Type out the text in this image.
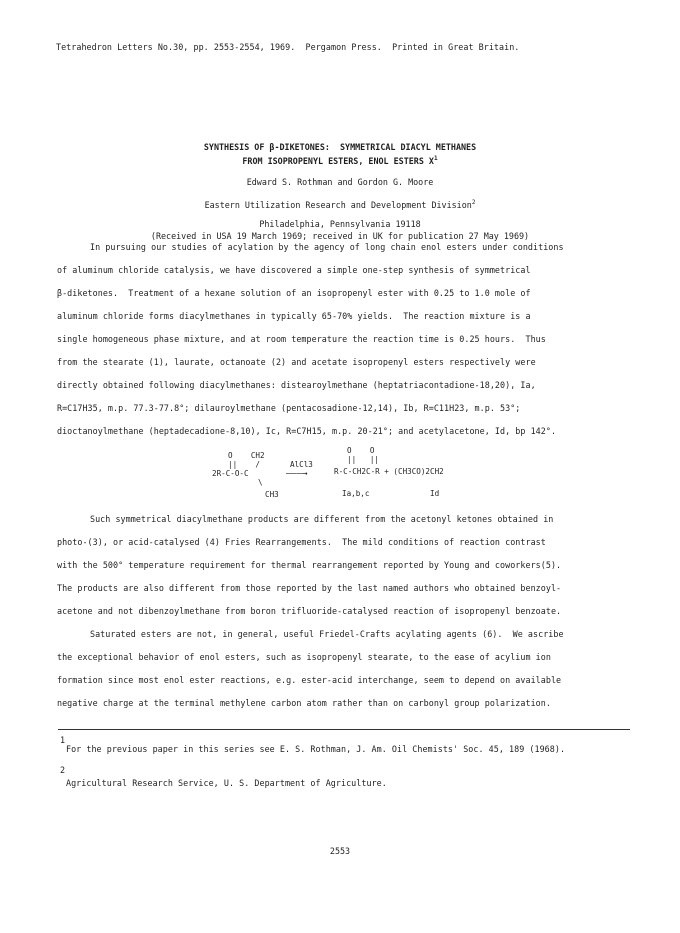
Tetrahedron Letters No.30, pp. 2553-2554, 1969.  Pergamon Press.  Printed in Great Britain.
SYNTHESIS OF β-DIKETONES:  SYMMETRICAL DIACYL METHANES
FROM ISOPROPENYL ESTERS, ENOL ESTERS $X^1$
Edward S. Rothman and Gordon G. Moore
Eastern Utilization Research and Development Division$^2$
Philadelphia, Pennsylvania 19118
(Received in USA 19 March 1969; received in UK for publication 27 May 1969)
In pursuing our studies of acylation by the agency of long chain enol esters under conditions
of aluminum chloride catalysis, we have discovered a simple one-step synthesis of symmetrical
β-diketones.  Treatment of a hexane solution of an isopropenyl ester with 0.25 to 1.0 mole of
aluminum chloride forms diacylmethanes in typically 65-70% yields.  The reaction mixture is a
single homogeneous phase mixture, and at room temperature the reaction time is 0.25 hours.  Thus
from the stearate (1), laurate, octanoate (2) and acetate isopropenyl esters respectively were
directly obtained following diacylmethanes: distearoylmethane (heptatriacontadione-18,20), Ia,
R=C17H35, m.p. 77.3-77.8°; dilauroylmethane (pentacosadione-12,14), Ib, R=C11H23, m.p. 53°;
dioctanoylmethane (heptadecadione-8,10), Ic, R=C7H15, m.p. 20-21°; and acetylacetone, Id, bp 142°.
O    CH2
||    /
2R-C-O-C
\
CH3
AlCl3
———→
O    O
||   ||
R-C-CH2C-R + (CH3CO)2CH2
Ia,b,c	Id
Such symmetrical diacylmethane products are different from the acetonyl ketones obtained in
photo-(3), or acid-catalysed (4) Fries Rearrangements.  The mild conditions of reaction contrast
with the 500° temperature requirement for thermal rearrangement reported by Young and coworkers(5).
The products are also different from those reported by the last named authors who obtained benzoyl-
acetone and not dibenzoylmethane from boron trifluoride-catalysed reaction of isopropenyl benzoate.
Saturated esters are not, in general, useful Friedel-Crafts acylating agents (6).  We ascribe
the exceptional behavior of enol esters, such as isopropenyl stearate, to the ease of acylium ion
formation since most enol ester reactions, e.g. ester-acid interchange, seem to depend on available
negative charge at the terminal methylene carbon atom rather than on carbonyl group polarization.
1
For the previous paper in this series see E. S. Rothman, J. Am. Oil Chemists' Soc. 45, 189 (1968).
2
Agricultural Research Service, U. S. Department of Agriculture.
2553
